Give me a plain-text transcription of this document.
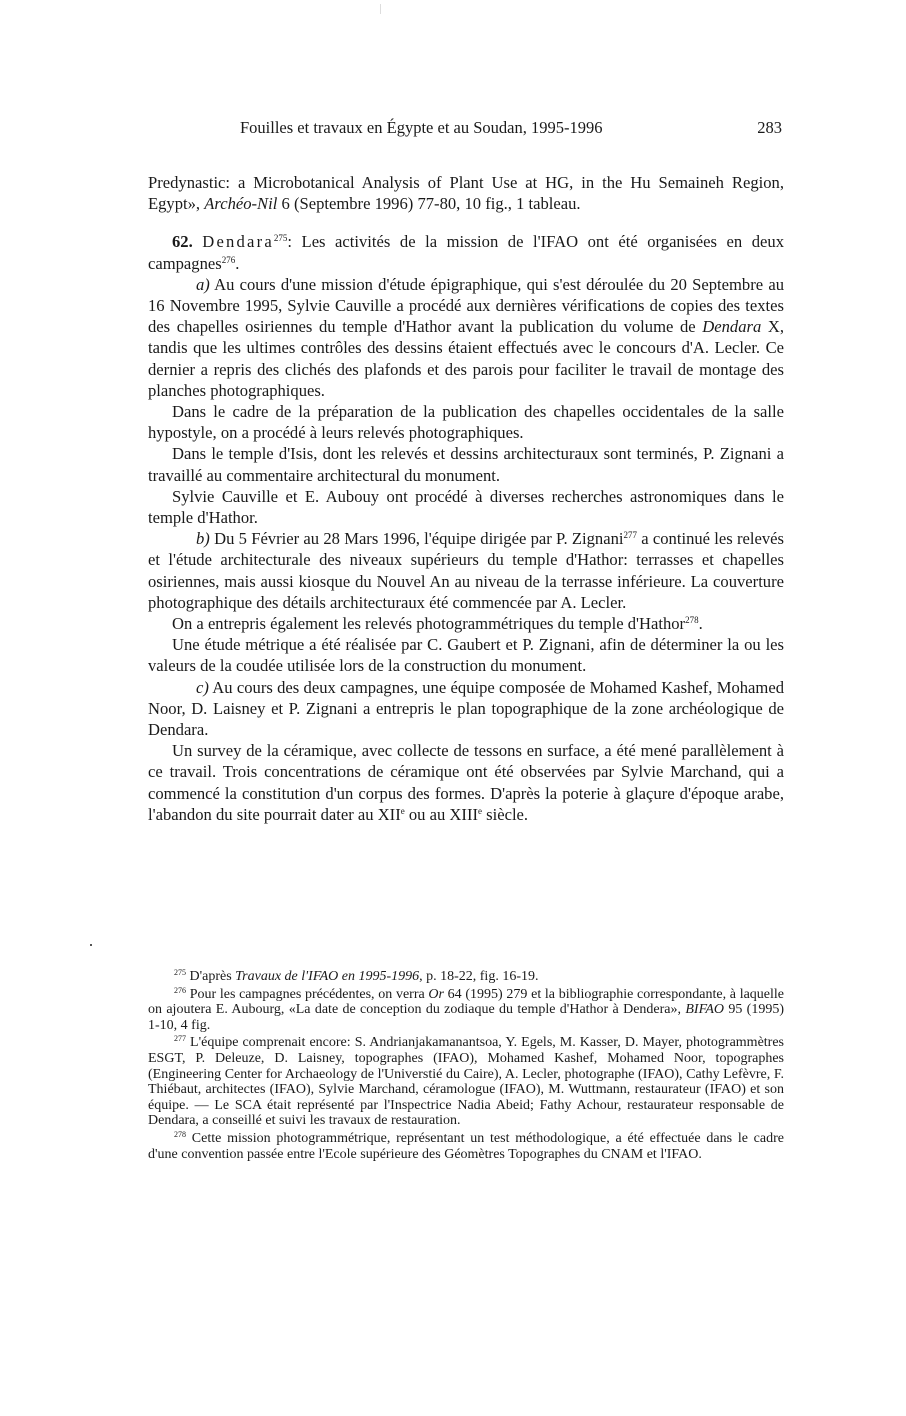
Fouilles et travaux en Égypte et au Soudan, 1995-1996	283

Predynastic: a Microbotanical Analysis of Plant Use at HG, in the Hu Semaineh Region, Egypt», Archéo-Nil 6 (Septembre 1996) 77-80, 10 fig., 1 tableau.

62. Dendara$^{275}$: Les activités de la mission de l'IFAO ont été organisées en deux campagnes$^{276}$.

a) Au cours d'une mission d'étude épigraphique, qui s'est déroulée du 20 Septembre au 16 Novembre 1995, Sylvie Cauville a procédé aux dernières vérifications de copies des textes des chapelles osiriennes du temple d'Hathor avant la publication du volume de Dendara X, tandis que les ultimes contrôles des dessins étaient effectués avec le concours d'A. Lecler. Ce dernier a repris des clichés des plafonds et des parois pour faciliter le travail de montage des planches photographiques.

Dans le cadre de la préparation de la publication des chapelles occidentales de la salle hypostyle, on a procédé à leurs relevés photographiques.

Dans le temple d'Isis, dont les relevés et dessins architecturaux sont terminés, P. Zignani a travaillé au commentaire architectural du monument.

Sylvie Cauville et E. Aubouy ont procédé à diverses recherches astronomiques dans le temple d'Hathor.

b) Du 5 Février au 28 Mars 1996, l'équipe dirigée par P. Zignani$^{277}$ a continué les relevés et l'étude architecturale des niveaux supérieurs du temple d'Hathor: terrasses et chapelles osiriennes, mais aussi kiosque du Nouvel An au niveau de la terrasse inférieure. La couverture photographique des détails architecturaux été commencée par A. Lecler.

On a entrepris également les relevés photogrammétriques du temple d'Hathor$^{278}$.

Une étude métrique a été réalisée par C. Gaubert et P. Zignani, afin de déterminer la ou les valeurs de la coudée utilisée lors de la construction du monument.

c) Au cours des deux campagnes, une équipe composée de Mohamed Kashef, Mohamed Noor, D. Laisney et P. Zignani a entrepris le plan topographique de la zone archéologique de Dendara.

Un survey de la céramique, avec collecte de tessons en surface, a été mené parallèlement à ce travail. Trois concentrations de céramique ont été observées par Sylvie Marchand, qui a commencé la constitution d'un corpus des formes. D'après la poterie à glaçure d'époque arabe, l'abandon du site pourrait dater au XIIe ou au XIIIe siècle.

$^{275}$ D'après Travaux de l'IFAO en 1995-1996, p. 18-22, fig. 16-19.

$^{276}$ Pour les campagnes précédentes, on verra Or 64 (1995) 279 et la bibliographie correspondante, à laquelle on ajoutera E. Aubourg, «La date de conception du zodiaque du temple d'Hathor à Dendera», BIFAO 95 (1995) 1-10, 4 fig.

$^{277}$ L'équipe comprenait encore: S. Andrianjakamanantsoa, Y. Egels, M. Kasser, D. Mayer, photogrammètres ESGT, P. Deleuze, D. Laisney, topographes (IFAO), Mohamed Kashef, Mohamed Noor, topographes (Engineering Center for Archaeology de l'Universtié du Caire), A. Lecler, photographe (IFAO), Cathy Lefèvre, F. Thiébaut, architectes (IFAO), Sylvie Marchand, céramologue (IFAO), M. Wuttmann, restaurateur (IFAO) et son équipe. — Le SCA était représenté par l'Inspectrice Nadia Abeid; Fathy Achour, restaurateur responsable de Dendara, a conseillé et suivi les travaux de restauration.

$^{278}$ Cette mission photogrammétrique, représentant un test méthodologique, a été effectuée dans le cadre d'une convention passée entre l'Ecole supérieure des Géomètres Topographes du CNAM et l'IFAO.
